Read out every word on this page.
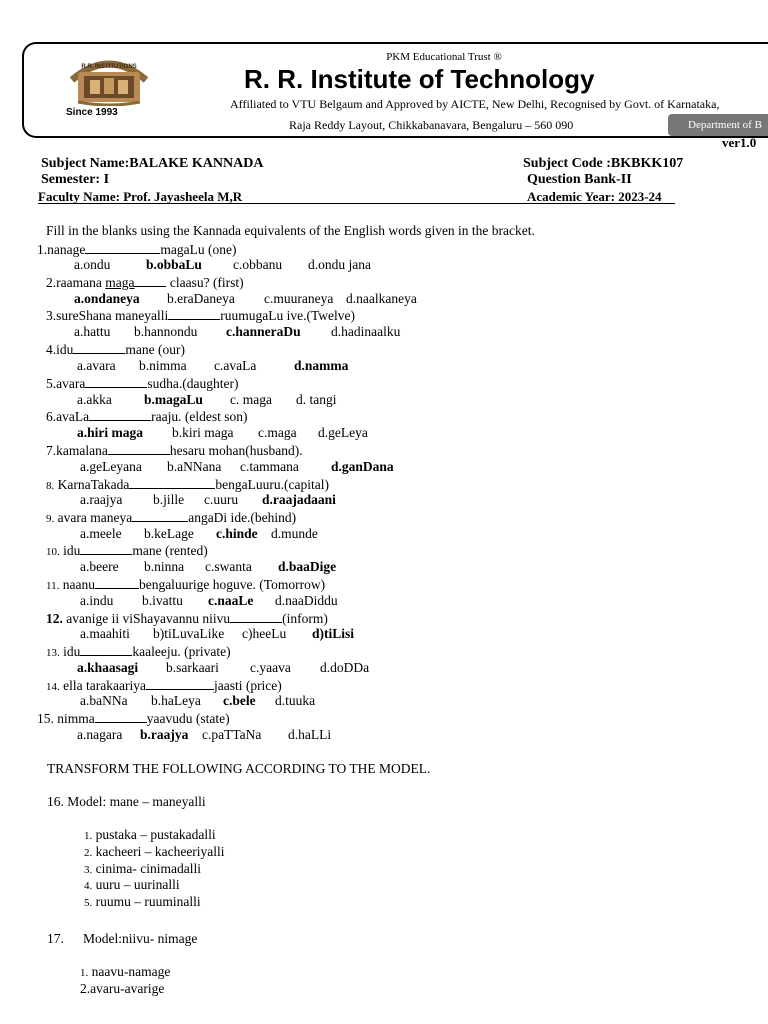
R.R. INSTITUTIONS
Since 1993
PKM Educational Trust ®
R. R. Institute of Technology
Affiliated to VTU Belgaum and Approved by AICTE, New Delhi, Recognised by Govt. of Karnataka,
Raja Reddy Layout, Chikkabanavara, Bengaluru – 560 090	Department of B
ver1.0
Subject Name:BALAKE KANNADA	Subject Code :BKBKK107
Semester: I	Question Bank-II
Faculty Name: Prof. Jayasheela M,R	Academic Year: 2023-24
Fill in the blanks using the Kannada equivalents of the English words given in the bracket.
1.nanage	magaLu (one)
a.ondu	b.obbaLu c.obbanu d.ondu jana
2.raamana maga claasu? (first)
a.ondaneya b.eraDaneya c.muuraneya d.naalkaneya
3.sureShana maneyalli	ruumugaLu ive.(Twelve)
a.hattu b.hannondu c.hanneraDu d.hadinaalku
4.idu	mane (our)
a.avara b.nimma c.avaLa	d.namma
5.avara	sudha.(daughter)
a.akka b.magaLu c. maga d. tangi
6.avaLa	raaju. (eldest son)
a.hiri maga b.kiri maga c.maga d.geLeya
7.kamalana	hesaru mohan(husband).
a.geLeyana b.aNNana c.tammana d.ganDana
8. KarnaTakada	bengaLuuru.(capital)
a.raajya b.jille c.uuru d.raajadaani
9. avara maneya	angaDi ide.(behind)
a.meele b.keLage c.hinde d.munde
10. idu	mane (rented)
a.beere b.ninna c.swanta d.baaDige
11. naanu	bengaluurige hoguve. (Tomorrow)
a.indu b.ivattu c.naaLe d.naaDiddu
12. avanige ii viShayavannu niivu	(inform)
a.maahiti b)tiLuvaLike c)heeLu d)tiLisi
13. idu	kaaleeju. (private)
a.khaasagi b.sarkaari c.yaava d.doDDa
14. ella tarakaariya	jaasti (price)
a.baNNa b.haLeya c.bele d.tuuka
15. nimma	yaavudu (state)
a.nagara b.raajya c.paTTaNa d.haLLi
TRANSFORM THE FOLLOWING ACCORDING TO THE MODEL.
16. Model: mane – maneyalli
1. pustaka – pustakadalli
2. kacheeri – kacheeriyalli
3. cinima- cinimadalli
4. uuru – uurinalli
5. ruumu – ruuminalli
17. Model:niivu- nimage
1. naavu-namage
2.avaru-avarige
